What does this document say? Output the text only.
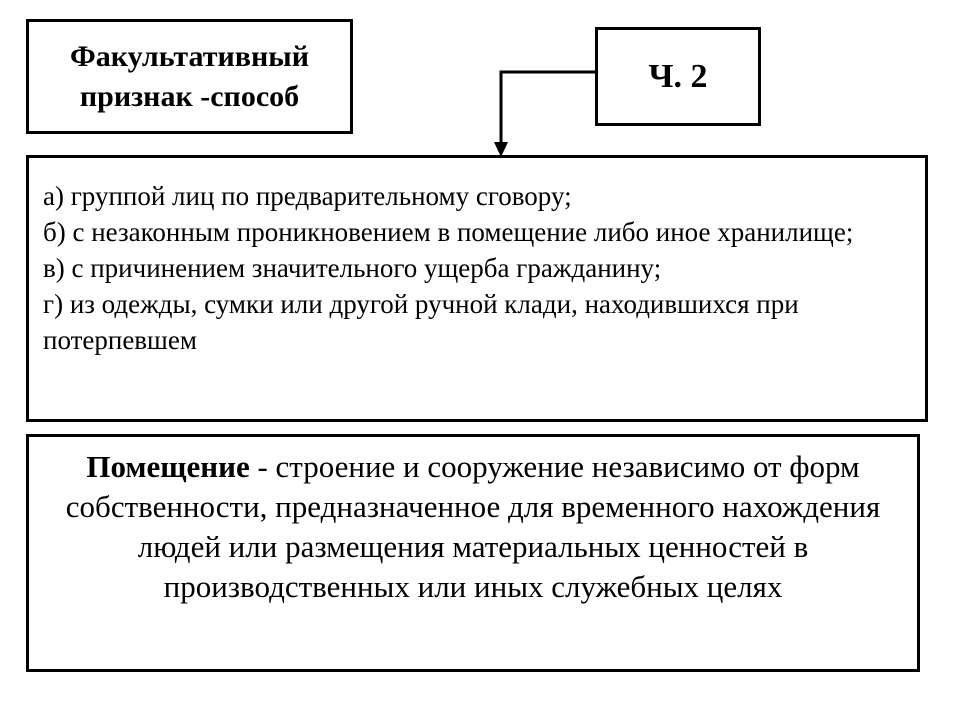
Факультативный
признак -способ
Ч. 2
а) группой лиц по предварительному сговору;
б) с незаконным проникновением в помещение либо иное хранилище;
в) с причинением значительного ущерба гражданину;
г) из одежды, сумки или другой ручной клади, находившихся при потерпевшем
Помещение - строение и сооружение независимо от форм собственности, предназначенное для временного нахождения людей или размещения материальных ценностей в производственных или иных служебных целях
